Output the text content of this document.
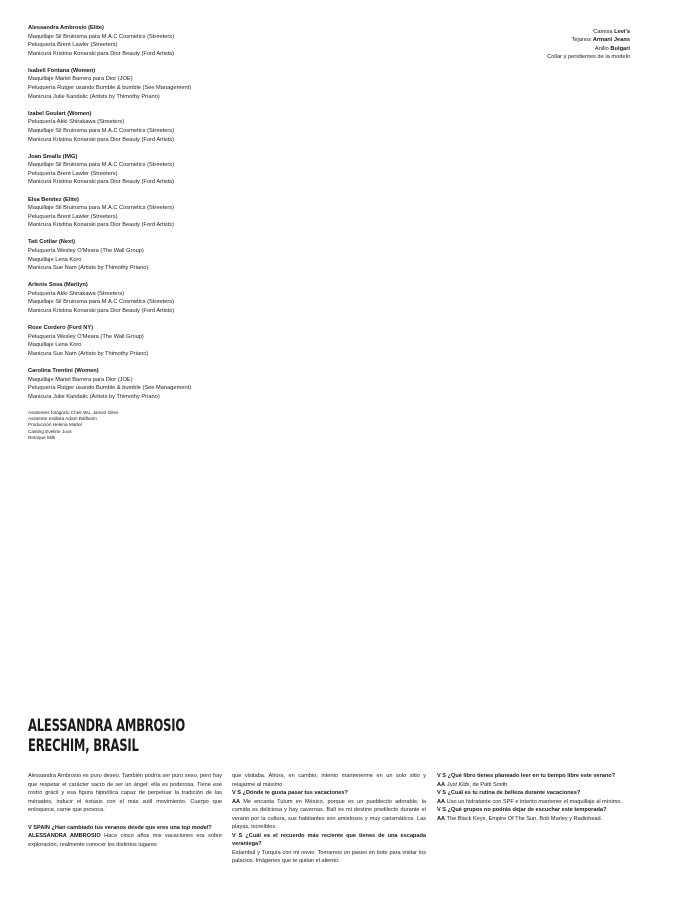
Alessandra Ambrosio (Elite)
Maquillaje Sil Bruinsma para M.A.C Cosmetics (Streeters)
Peluquería Brent Lawler (Streeters)
Manicura Kristina Konarski para Dior Beauty (Ford Artists)
Isabeli Fontana (Women)
Maquillaje Mariel Barrera para Dior (JOE)
Peluquería Rutger usando Bumble & bumble (See Management)
Manicura Julie Kandalic (Artists by Thimothy Priano)
Izabel Goulart (Women)
Peluquería Akki Shirakawa (Streeters)
Maquillaje Sil Bruinsma para M.A.C Cosmetics (Streeters)
Manicura Kristina Konarski para Dior Beauty (Ford Artists)
Joan Smalls (IMG)
Maquillaje Sil Bruinsma para M.A.C Cosmetics (Streeters)
Peluquería Brent Lawler (Streeters)
Manicura Kristina Konarski para Dior Beauty (Ford Artists)
Elsa Benítez (Elite)
Maquillaje Sil Bruinsma para M.A.C Cosmetics (Streeters)
Peluquería Brent Lawler (Streeters)
Manicura Kristina Konarski para Dior Beauty (Ford Artists)
Tati Cotliar (Next)
Peluquería Wesley O'Meara (The Wall Group)
Maquillaje Lena Koro
Manicura Sue Nam (Artists by Thimothy Priano)
Arlenis Sosa (Marilyn)
Peluquería Akki Shirakawa (Streeters)
Maquillaje Sil Bruinsma para M.A.C Cosmetics (Streeters)
Manicura Kristina Konarski para Dior Beauty (Ford Artists)
Rose Cordero (Ford NY)
Peluquería Wesley O'Meara (The Wall Group)
Maquillaje Lena Koro
Manicura Sue Nam (Artists by Thimothy Priano)
Carolina Trentini (Women)
Maquillaje Mariel Barrera para Dior (JOE)
Peluquería Rutger usando Bumble & bumble (See Management)
Manicura Julie Kandalic (Artists by Thimothy Priano)
Asistentes fotógrafo Chek Wu, James Giles
Asistente estilista Adam Ballheim
Producción Helena Martel
Casting Eveline Joos
Retoque Milk
Camisa Levi's
Tejanos Armani Jeans
Anillo Bulgari
Collar y pendientes de la modelo
ALESSANDRA AMBROSIO
ERECHIM, BRASIL

Alessandra Ambrosio es puro deseo. También podría ser puro sexo, pero hay que respetar el carácter sacro de ser un ángel: ella es poderosa. Tiene ese rostro grácil y esa figura hipnótica capaz de perpetuar la tradición de las ménades, inducir el éxtasis con el más sutil movimiento. Cuerpo que enloquece, carne que provoca.

V SPAIN ¿Han cambiado tus veranos desde que eres una top model?

ALESSANDRA AMBROSIO Hace cinco años mis vacaciones era sobre exploración, realmente conocer los distintos lugares

que visitaba. Ahora, en cambio, intento mantenerme en un solo sitio y relajarme al máximo.

V S ¿Dónde te gusta pasar tus vacaciones?

AA Me encanta Tulum en México, porque es un pueblecito adorable, la comida es deliciosa y hay cavernas. Bali es mi destino predilecto durante el verano por la cultura, sus habitantes son amistosos y muy carismáticos. Las playas, increíbles.

V S ¿Cuál es el recuerdo más reciente que tienes de una escapada veraniega?

Estambul y Turquía con mi novio. Tomamos un paseo en bote para visitar los palacios. Imágenes que te quitan el aliento.

V S ¿Qué libro tienes planeado leer en tu tiempo libre este verano?

AA Just Kids, de Patti Smith

V S ¿Cuál es tu rutina de belleza durante vacaciones?

AA Uso un hidratante con SPF e intento mantener el maquillaje al mínimo.

V S ¿Qué grupos no podrás dejar de escuchar este temporada?

AA The Black Keys, Empire Of The Sun, Bob Marley y Radiohead.
